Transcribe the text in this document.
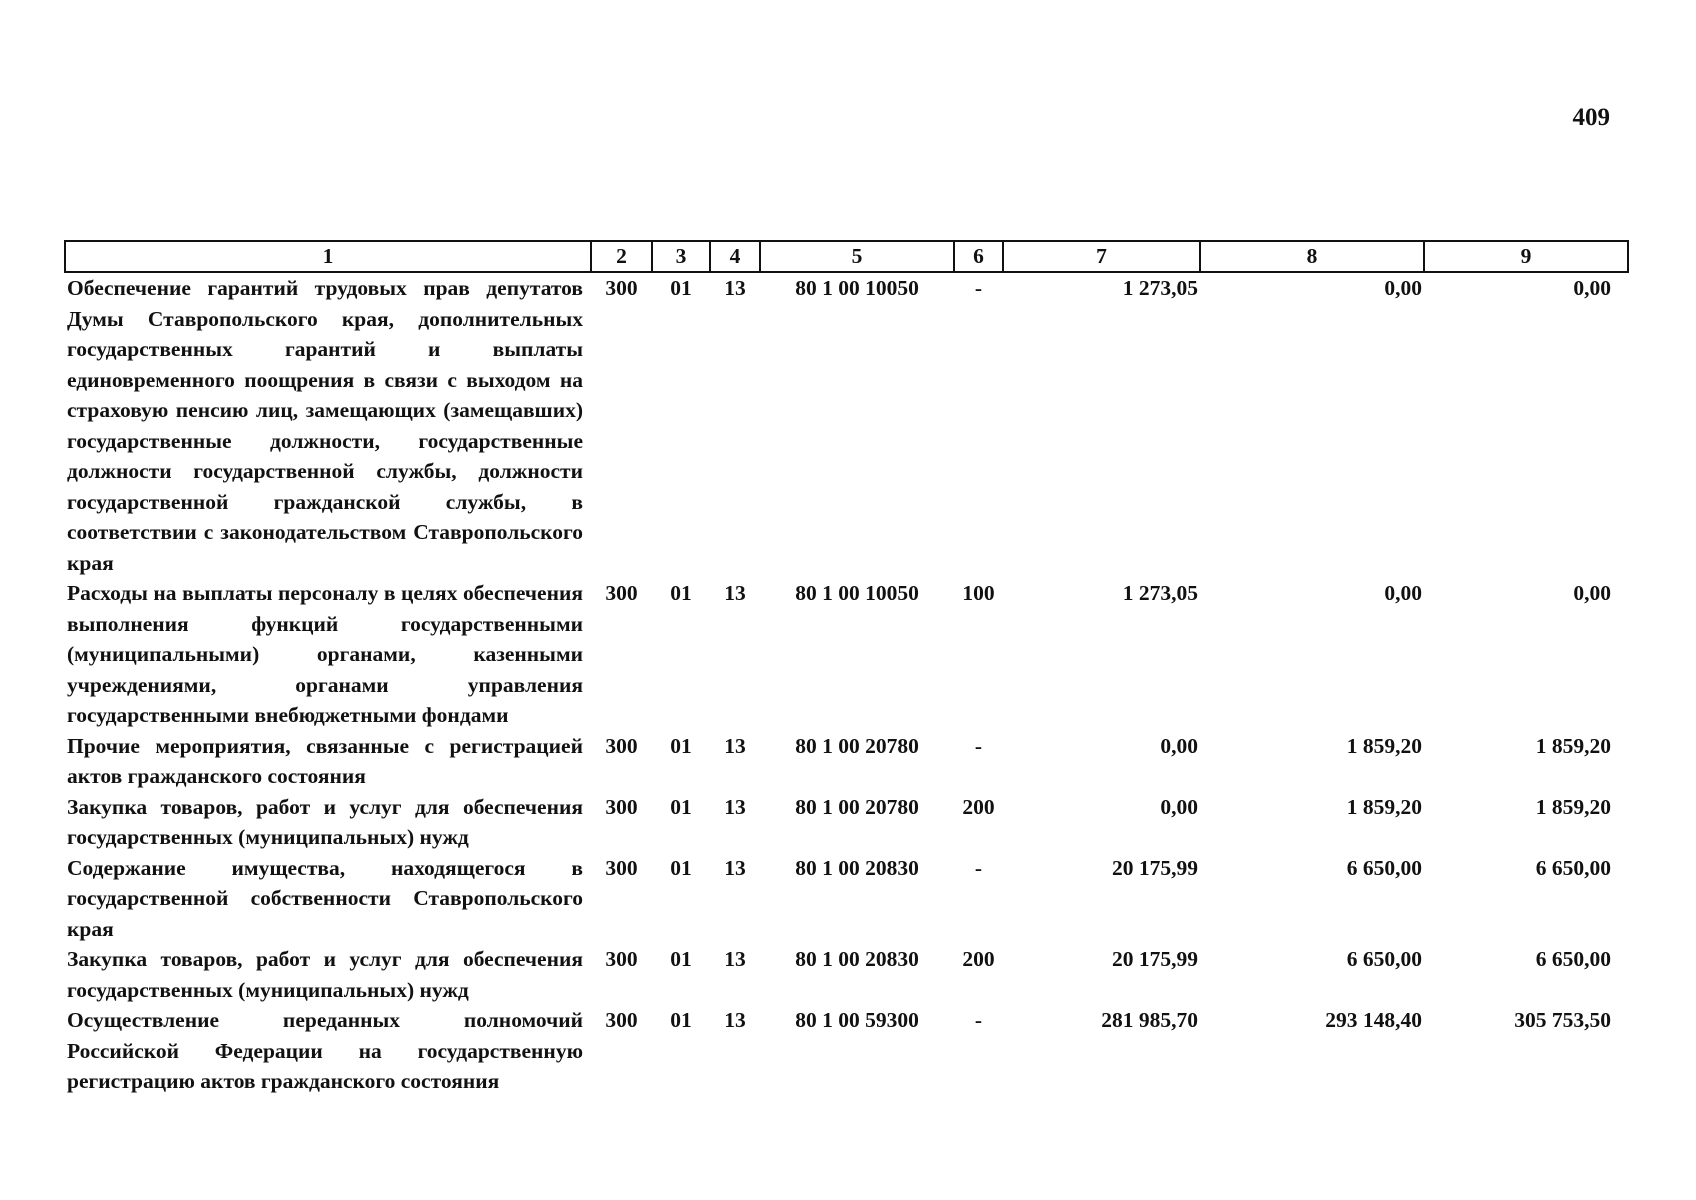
409
1	2	3	4	5	6	7	8	9
Обеспечение гарантий трудовых прав депутатов Думы Ставропольского края, дополнительных государственных гарантий и выплаты единовременного поощрения в связи с выходом на страховую пенсию лиц, замещающих (замещавших) государственные должности, государственные должности государственной службы, должности государственной гражданской службы, в соответствии с законодательством Ставропольского края	300	01	13	80 1 00 10050	-	1 273,05	0,00	0,00
Расходы на выплаты персоналу в целях обеспечения выполнения функций государственными (муниципальными) органами, казенными учреждениями, органами управления государственными внебюджетными фондами	300	01	13	80 1 00 10050	100	1 273,05	0,00	0,00
Прочие мероприятия, связанные с регистрацией актов гражданского состояния	300	01	13	80 1 00 20780	-	0,00	1 859,20	1 859,20
Закупка товаров, работ и услуг для обеспечения государственных (муниципальных) нужд	300	01	13	80 1 00 20780	200	0,00	1 859,20	1 859,20
Содержание имущества, находящегося в государственной собственности Ставропольского края	300	01	13	80 1 00 20830	-	20 175,99	6 650,00	6 650,00
Закупка товаров, работ и услуг для обеспечения государственных (муниципальных) нужд	300	01	13	80 1 00 20830	200	20 175,99	6 650,00	6 650,00
Осуществление переданных полномочий Российской Федерации на государственную регистрацию актов гражданского состояния	300	01	13	80 1 00 59300	-	281 985,70	293 148,40	305 753,50
